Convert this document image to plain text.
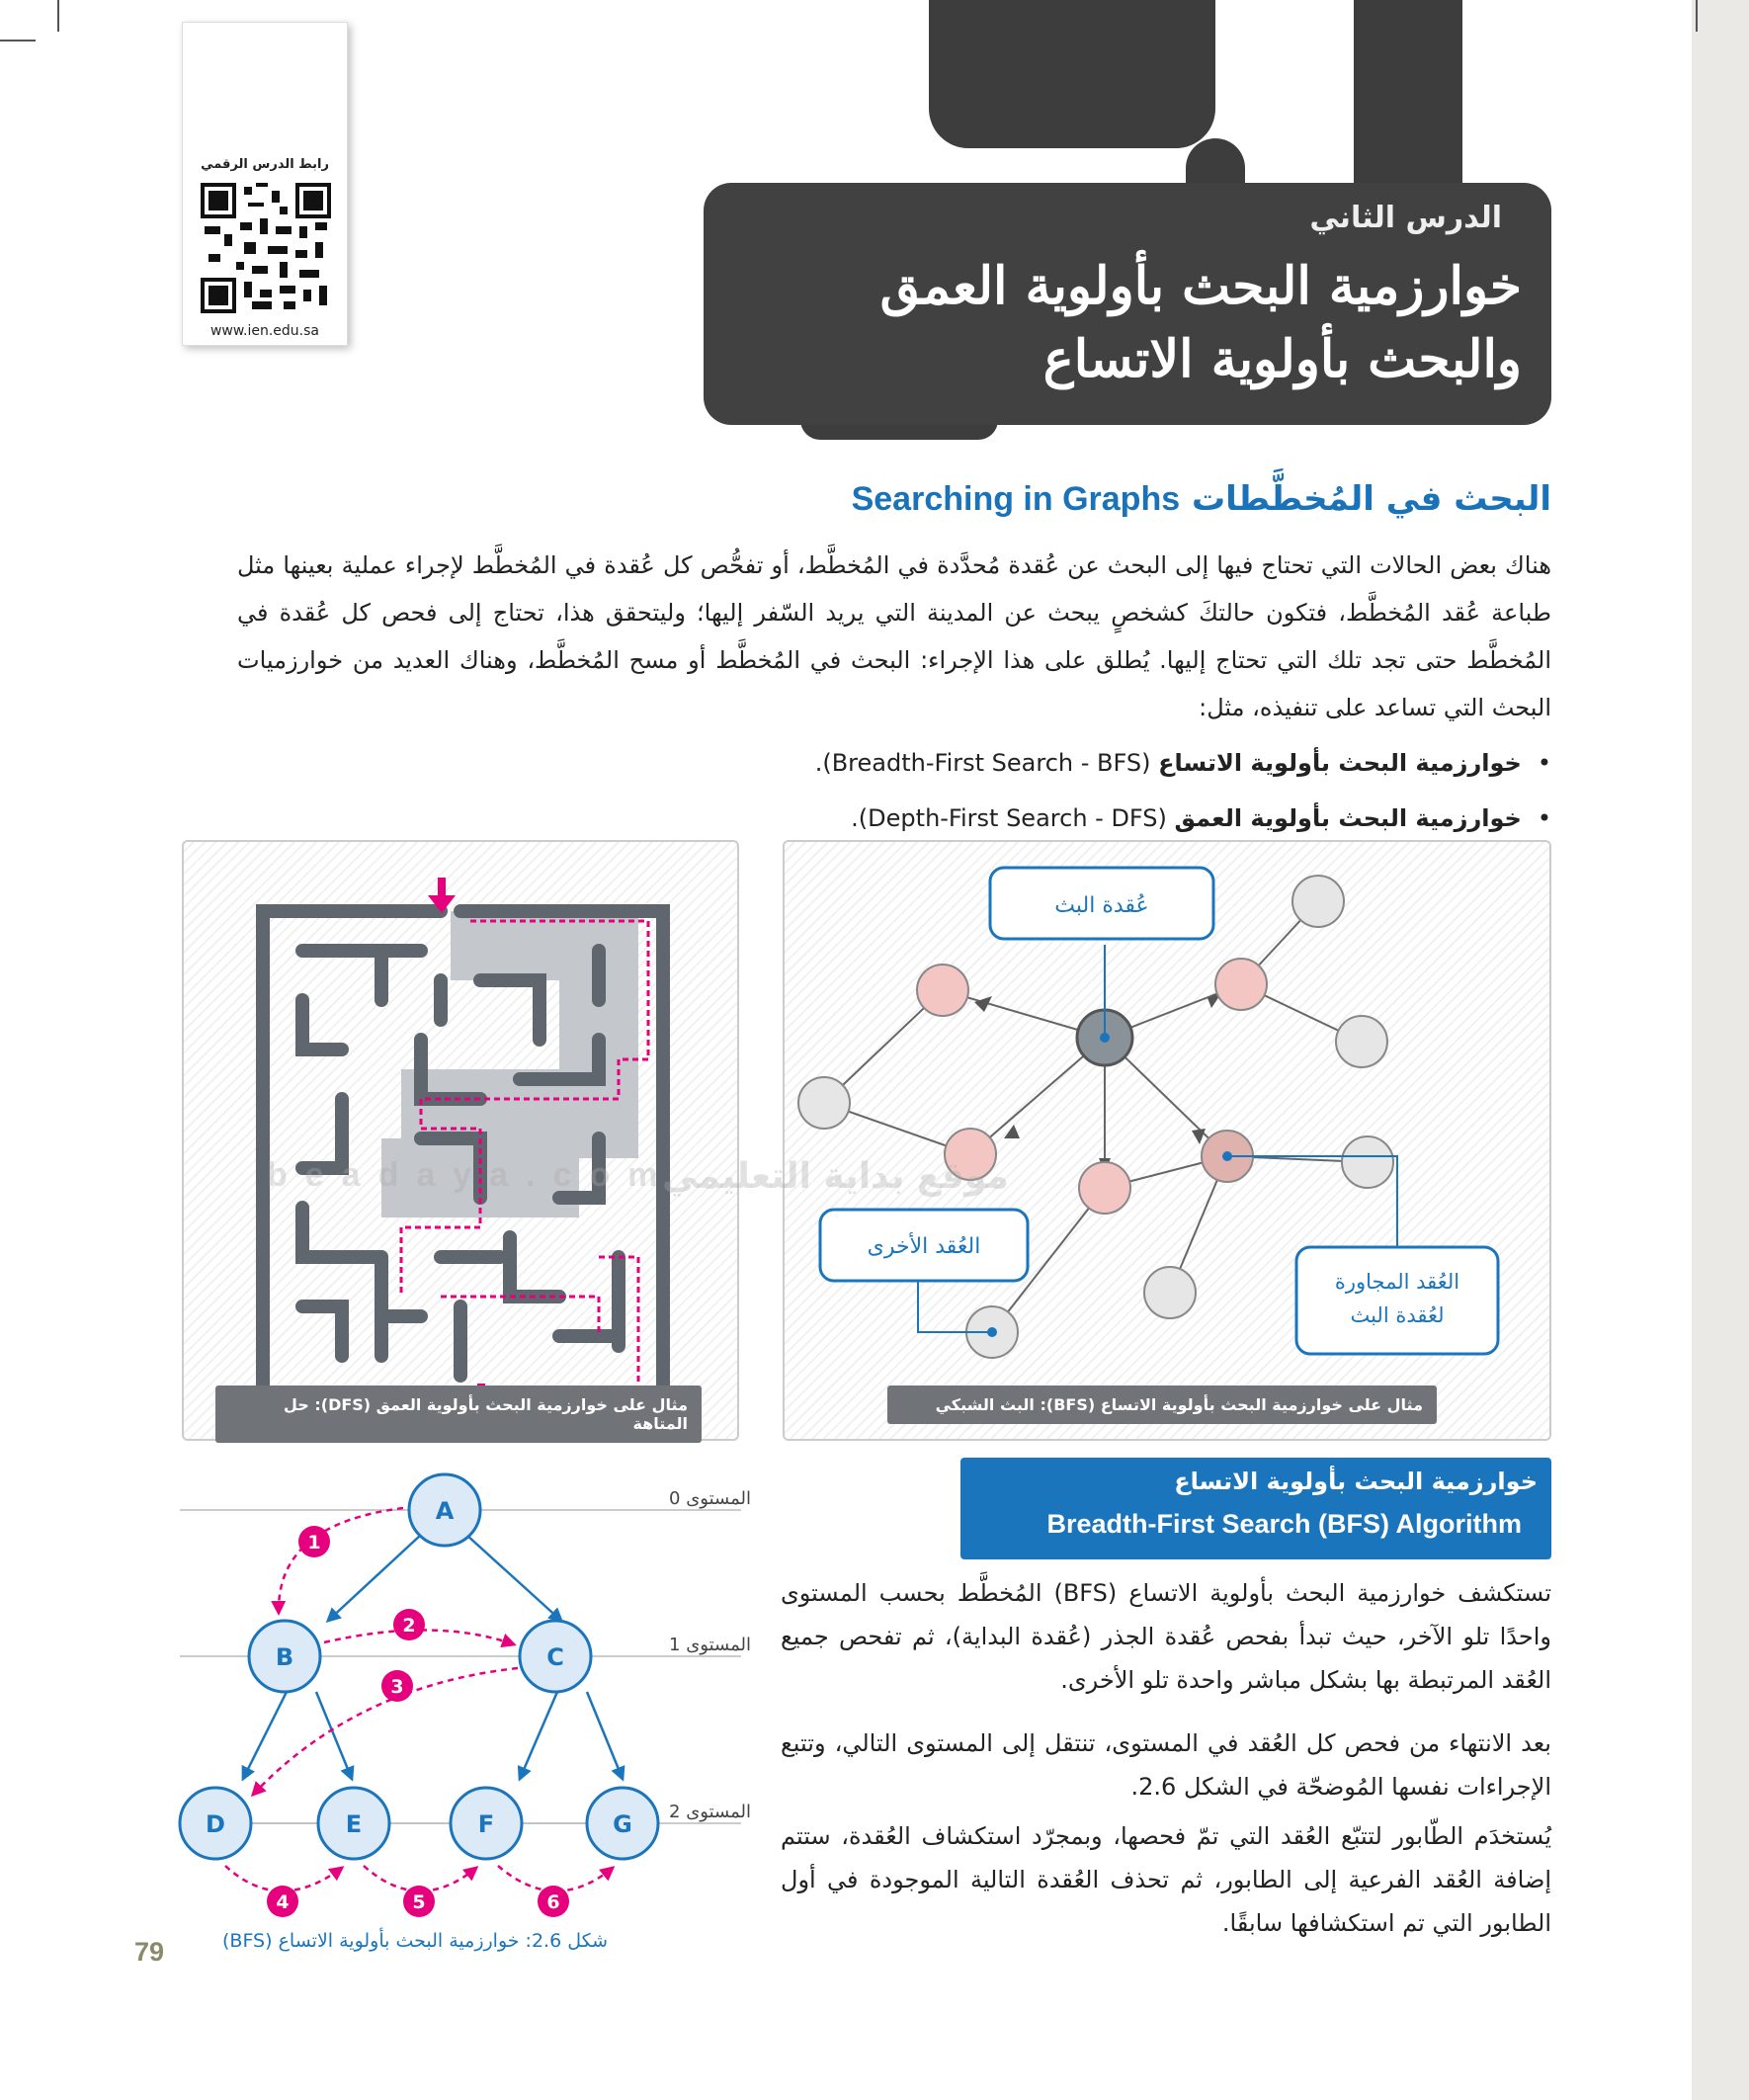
رابط الدرس الرقمي
www.ien.edu.sa
الدرس الثاني
خوارزمية البحث بأولوية العمق
والبحث بأولوية الاتساع
البحث في المُخطَّطات Searching in Graphs
هناك بعض الحالات التي تحتاج فيها إلى البحث عن عُقدة مُحدَّدة في المُخطَّط، أو تفحُّص كل عُقدة في المُخطَّط لإجراء عملية بعينها مثل طباعة عُقد المُخطَّط، فتكون حالتكَ كشخصٍ يبحث عن المدينة التي يريد السّفر إليها؛ وليتحقق هذا، تحتاج إلى فحص كل عُقدة في المُخطَّط حتى تجد تلك التي تحتاج إليها. يُطلق على هذا الإجراء: البحث في المُخطَّط أو مسح المُخطَّط، وهناك العديد من خوارزميات البحث التي تساعد على تنفيذه، مثل:
• خوارزمية البحث بأولوية الاتساع (Breadth-First Search - BFS).
• خوارزمية البحث بأولوية العمق (Depth-First Search - DFS).
مثال على خوارزمية البحث بأولوية العمق (DFS): حل المتاهة
عُقدة البث
العُقد الأخرى
العُقد المجاورة
لعُقدة البث
مثال على خوارزمية البحث بأولوية الاتساع (BFS): البث الشبكي
beadaya.com
موقع بداية التعليمي
خوارزمية البحث بأولوية الاتساع
Breadth-First Search (BFS) Algorithm
تستكشف خوارزمية البحث بأولوية الاتساع (BFS) المُخطَّط بحسب المستوى واحدًا تلو الآخر، حيث تبدأ بفحص عُقدة الجذر (عُقدة البداية)، ثم تفحص جميع العُقد المرتبطة بها بشكل مباشر واحدة تلو الأخرى.
بعد الانتهاء من فحص كل العُقد في المستوى، تنتقل إلى المستوى التالي، وتتبع الإجراءات نفسها المُوضحّة في الشكل 2.6.
يُستخدَم الطّابور لتتبّع العُقد التي تمّ فحصها، وبمجرّد استكشاف العُقدة، ستتم إضافة العُقد الفرعية إلى الطابور، ثم تحذف العُقدة التالية الموجودة في أول الطابور التي تم استكشافها سابقًا.
المستوى 0
المستوى 1
المستوى 2
A
B	C
D	E	F	G
1
2
3
4	5	6
شكل 2.6: خوارزمية البحث بأولوية الاتساع (BFS)
79
